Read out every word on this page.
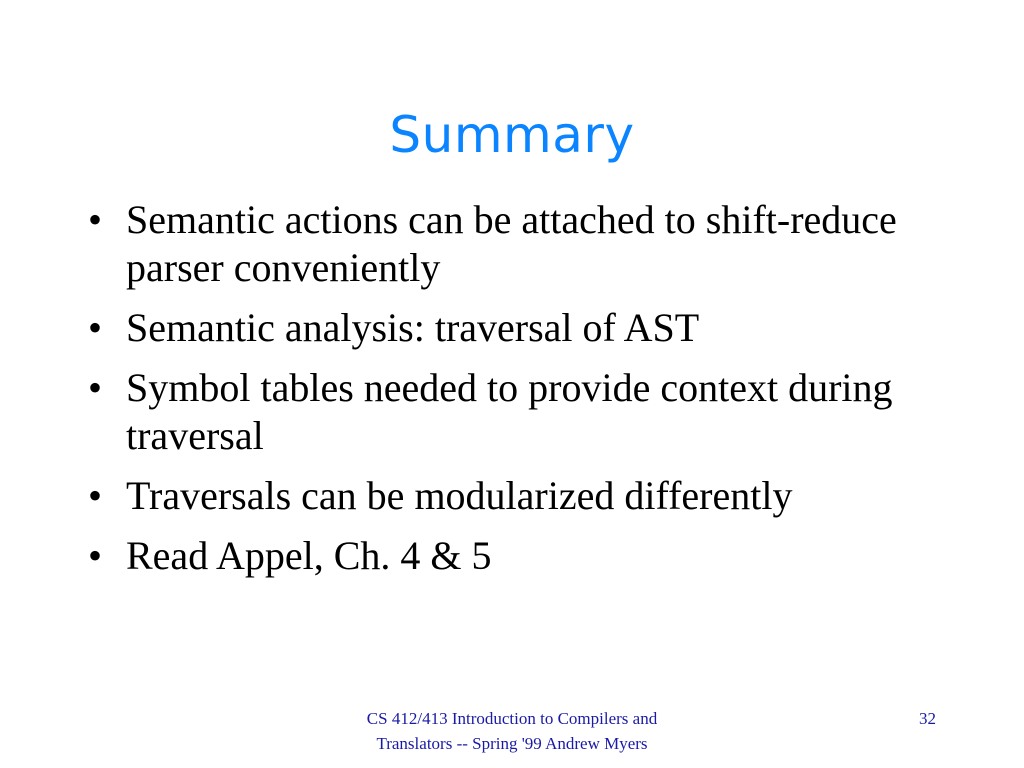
Summary
• Semantic actions can be attached to shift-reduce parser conveniently
• Semantic analysis: traversal of AST
• Symbol tables needed to provide context during traversal
• Traversals can be modularized differently
• Read Appel, Ch. 4 & 5
CS 412/413 Introduction to Compilers and Translators -- Spring '99 Andrew Myers
32
